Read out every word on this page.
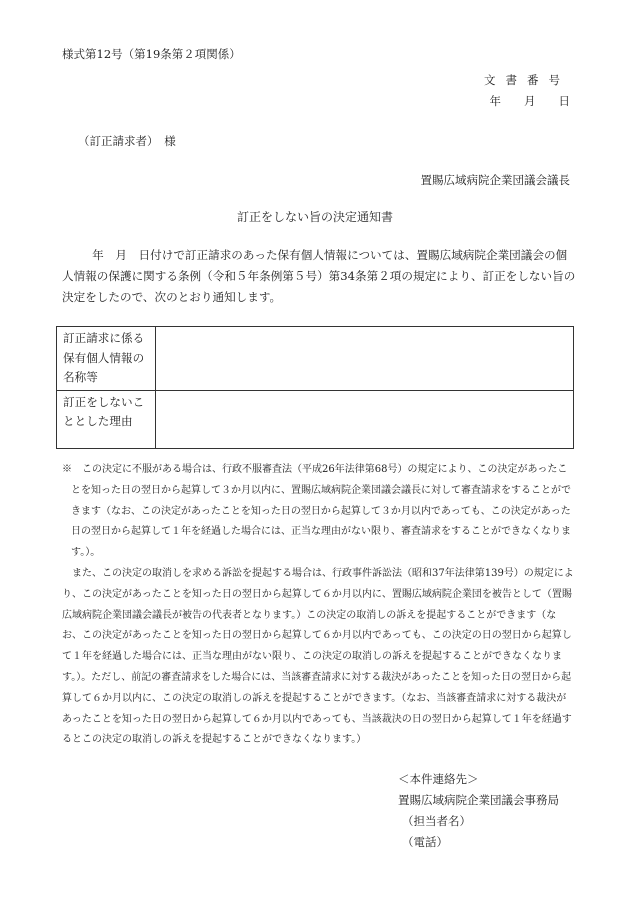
様式第12号（第19条第２項関係）
文書番号
年　　月　　日
（訂正請求者）　様
置賜広域病院企業団議会議長
訂正をしない旨の決定通知書
年　月　日付けで訂正請求のあった保有個人情報については、置賜広域病院企業団議会の個人情報の保護に関する条例（令和５年条例第５号）第34条第２項の規定により、訂正をしない旨の決定をしたので、次のとおり通知します。
訂正請求に係る保有個人情報の名称等	
訂正をしないこととした理由	

※　この決定に不服がある場合は、行政不服審査法（平成26年法律第68号）の規定により、この決定があったことを知った日の翌日から起算して３か月以内に、置賜広域病院企業団議会議長に対して審査請求をすることができます（なお、この決定があったことを知った日の翌日から起算して３か月以内であっても、この決定があった日の翌日から起算して１年を経過した場合には、正当な理由がない限り、審査請求をすることができなくなります。）。

また、この決定の取消しを求める訴訟を提起する場合は、行政事件訴訟法（昭和37年法律第139号）の規定により、この決定があったことを知った日の翌日から起算して６か月以内に、置賜広域病院企業団を被告として（置賜広域病院企業団議会議長が被告の代表者となります。）この決定の取消しの訴えを提起することができます（なお、この決定があったことを知った日の翌日から起算して６か月以内であっても、この決定の日の翌日から起算して１年を経過した場合には、正当な理由がない限り、この決定の取消しの訴えを提起することができなくなります。）。ただし、前記の審査請求をした場合には、当該審査請求に対する裁決があったことを知った日の翌日から起算して６か月以内に、この決定の取消しの訴えを提起することができます。（なお、当該審査請求に対する裁決があったことを知った日の翌日から起算して６か月以内であっても、当該裁決の日の翌日から起算して１年を経過するとこの決定の取消しの訴えを提起することができなくなります。）

＜本件連絡先＞
置賜広域病院企業団議会事務局
（担当者名）
（電話）
